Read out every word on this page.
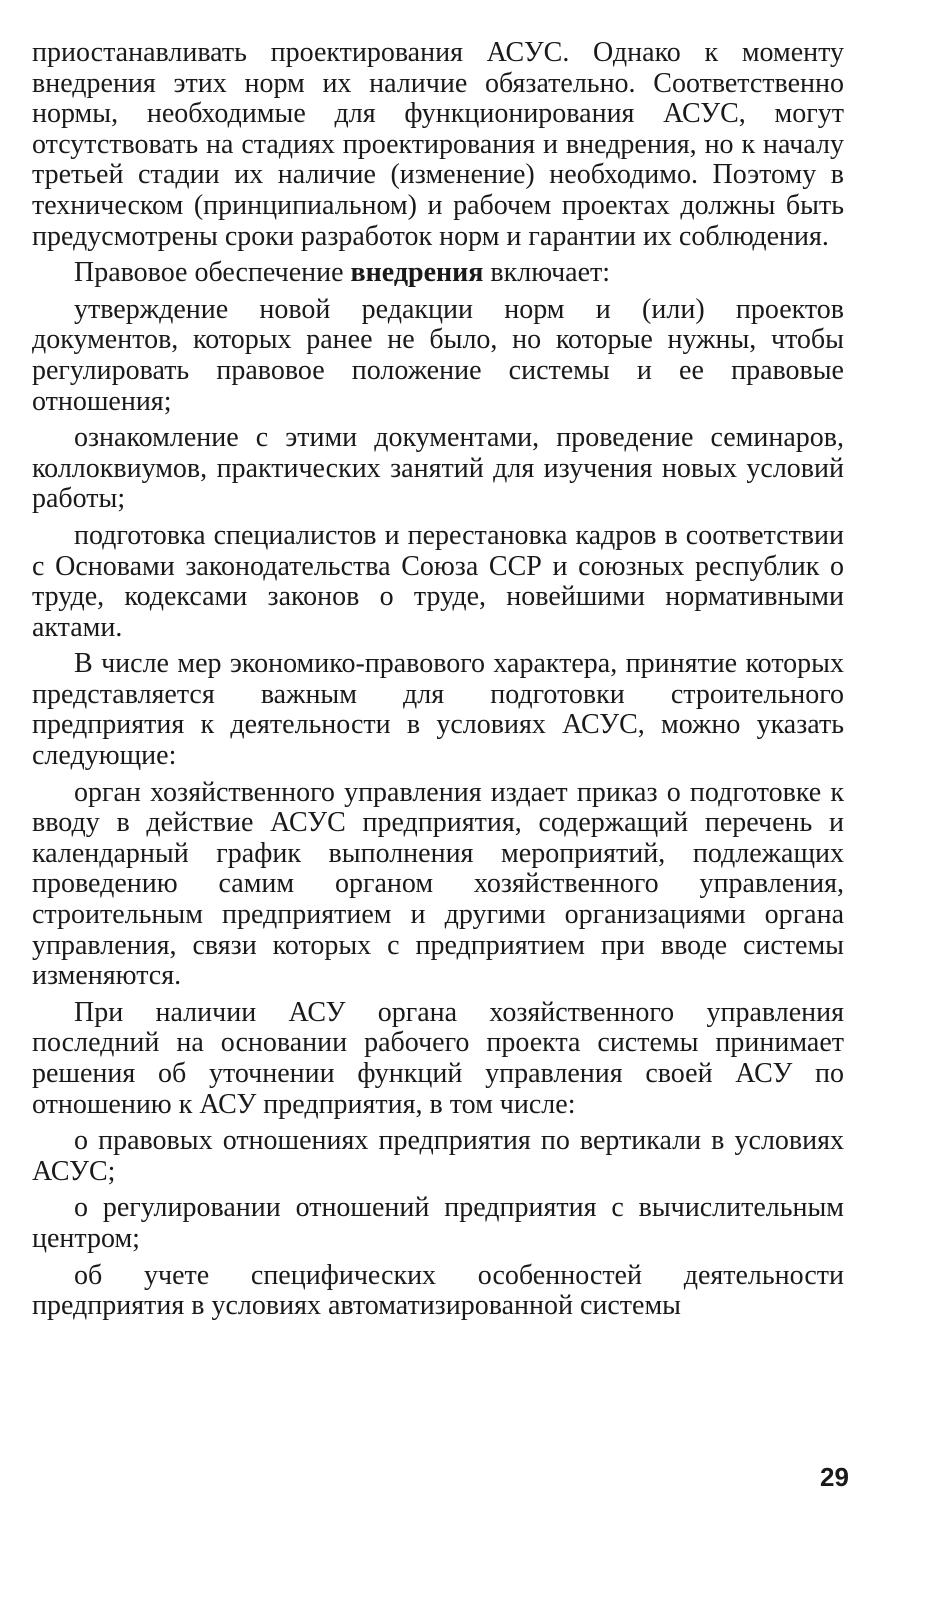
приостанавливать проектирования АСУС. Однако к моменту внедрения этих норм их наличие обязательно. Соответственно нормы, необходимые для функционирования АСУС, могут отсутствовать на стадиях проектирования и внедрения, но к началу третьей стадии их наличие (изменение) необходимо. Поэтому в техническом (принципиальном) и рабочем проектах должны быть предусмотрены сроки разработок норм и гарантии их соблюдения.

Правовое обеспечение внедрения включает:

утверждение новой редакции норм и (или) проектов документов, которых ранее не было, но которые нужны, чтобы регулировать правовое положение системы и ее правовые отношения;

ознакомление с этими документами, проведение семинаров, коллоквиумов, практических занятий для изучения новых условий работы;

подготовка специалистов и перестановка кадров в соответствии с Основами законодательства Союза ССР и союзных республик о труде, кодексами законов о труде, новейшими нормативными актами.

В числе мер экономико-правового характера, принятие которых представляется важным для подготовки строительного предприятия к деятельности в условиях АСУС, можно указать следующие:

орган хозяйственного управления издает приказ о подготовке к вводу в действие АСУС предприятия, содержащий перечень и календарный график выполнения мероприятий, подлежащих проведению самим органом хозяйственного управления, строительным предприятием и другими организациями органа управления, связи которых с предприятием при вводе системы изменяются.

При наличии АСУ органа хозяйственного управления последний на основании рабочего проекта системы принимает решения об уточнении функций управления своей АСУ по отношению к АСУ предприятия, в том числе:

о правовых отношениях предприятия по вертикали в условиях АСУС;

о регулировании отношений предприятия с вычислительным центром;

об учете специфических особенностей деятельности предприятия в условиях автоматизированной системы

29
